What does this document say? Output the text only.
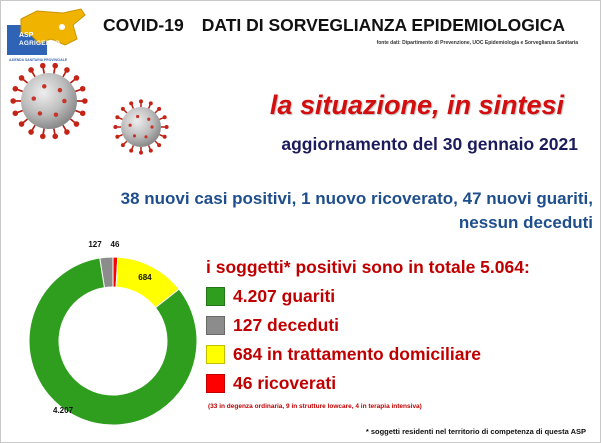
ASP
AGRIGENTO
AZIENDA SANITARIA PROVINCIALE
COVID-19 DATI DI SORVEGLIANZA EPIDEMIOLOGICA
fonte dati: Dipartimento di Prevenzione, UOC Epidemiologia e Sorveglianza Sanitaria
la situazione, in sintesi
aggiornamento del 30 gennaio 2021
38 nuovi casi positivi, 1 nuovo ricoverato, 47 nuovi guariti,
nessun deceduti
4.207
127
684
46
i soggetti* positivi sono in totale 5.064:
4.207 guariti
127 deceduti
684 in trattamento domiciliare
46 ricoverati
(33 in degenza ordinaria, 9 in strutture lowcare, 4 in terapia intensiva)
* soggetti residenti nel territorio di competenza di questa ASP
